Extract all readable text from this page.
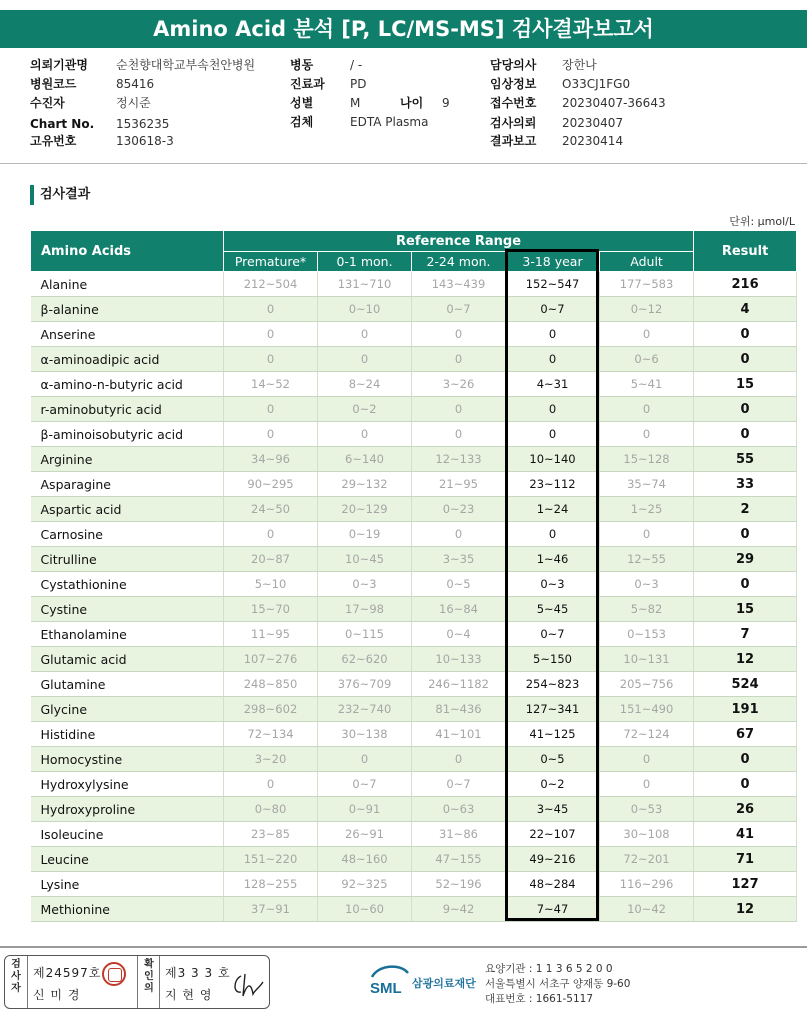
Amino Acid 분석 [P, LC/MS-MS] 검사결과보고서
의뢰기관명 순천향대학교부속천안병원
병원코드	85416
수진자	정시준
Chart No. 1536235
고유번호	130618-3
병동	/ -
진료과 PD
성별	M	나이 9
검체	EDTA Plasma
담당의사 장한나
임상정보 O33CJ1FG0
접수번호 20230407-36643
검사의뢰 20230407
결과보고 20230414
검사결과
단위: μmol/L
Amino Acids	Reference Range					Result
	Premature*	0-1 mon.	2-24 mon.	3-18 year	Adult	
Alanine	212~504	131~710	143~439	152~547	177~583	216
β-alanine	0	0~10	0~7	0~7	0~12	4
Anserine	0	0	0	0	0	0
α-aminoadipic acid	0	0	0	0	0~6	0
α-amino-n-butyric acid	14~52	8~24	3~26	4~31	5~41	15
r-aminobutyric acid	0	0~2	0	0	0	0
β-aminoisobutyric acid	0	0	0	0	0	0
Arginine	34~96	6~140	12~133	10~140	15~128	55
Asparagine	90~295	29~132	21~95	23~112	35~74	33
Aspartic acid	24~50	20~129	0~23	1~24	1~25	2
Carnosine	0	0~19	0	0	0	0
Citrulline	20~87	10~45	3~35	1~46	12~55	29
Cystathionine	5~10	0~3	0~5	0~3	0~3	0
Cystine	15~70	17~98	16~84	5~45	5~82	15
Ethanolamine	11~95	0~115	0~4	0~7	0~153	7
Glutamic acid	107~276	62~620	10~133	5~150	10~131	12
Glutamine	248~850	376~709	246~1182	254~823	205~756	524
Glycine	298~602	232~740	81~436	127~341	151~490	191
Histidine	72~134	30~138	41~101	41~125	72~124	67
Homocystine	3~20	0	0	0~5	0	0
Hydroxylysine	0	0~7	0~7	0~2	0	0
Hydroxyproline	0~80	0~91	0~63	3~45	0~53	26
Isoleucine	23~85	26~91	31~86	22~107	30~108	41
Leucine	151~220	48~160	47~155	49~216	72~201	71
Lysine	128~255	92~325	52~196	48~284	116~296	127
Methionine	37~91	10~60	9~42	7~47	10~42	12
검
사
자
제24597호
신 미 경
확
인
의
제3 3 3 호
지 현 영	SML 삼광의료재단
요양기관 : 1 1 3 6 5 2 0 0
서울특별시 서초구 양재동 9-60
대표번호 : 1661-5117
